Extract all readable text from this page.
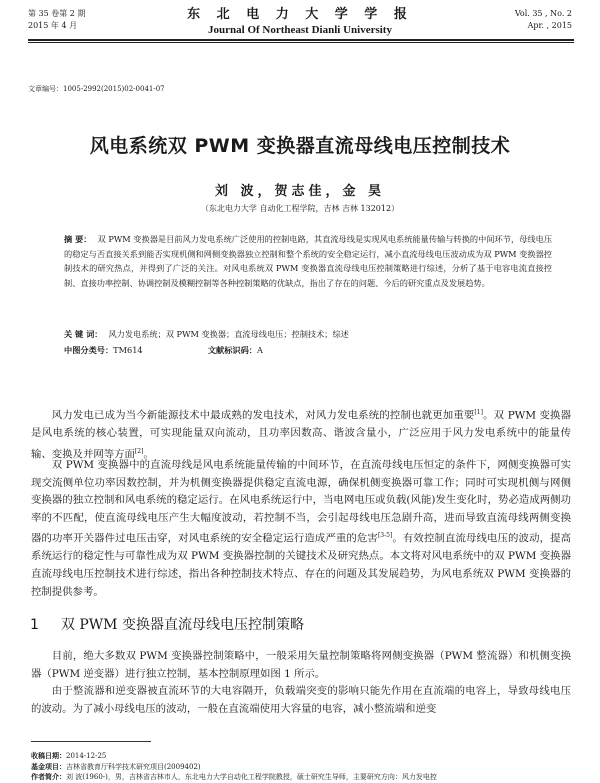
第 35 卷第 2 期
2015 年 4 月
东 北 电 力 大 学 学 报
Journal Of Northeast Dianli University
Vol. 35 , No. 2
Apr. , 2015
文章编号：1005-2992(2015)02-0041-07
风电系统双 PWM 变换器直流母线电压控制技术
刘 波，贺志佳，金 昊
（东北电力大学 自动化工程学院，吉林 吉林 132012）
摘 要： 双 PWM 变换器是目前风力发电系统广泛使用的控制电路，其直流母线是实现风电系统能量传输与转换的中间环节，母线电压的稳定与否直接关系到能否实现机侧和网侧变换器独立控制和整个系统的安全稳定运行，减小直流母线电压波动成为双 PWM 变换器控制技术的研究热点，并得到了广泛的关注。对风电系统双 PWM 变换器直流母线电压控制策略进行综述，分析了基于电容电流直接控制、直接功率控制、协调控制及模糊控制等各种控制策略的优缺点，指出了存在的问题、今后的研究重点及发展趋势。
关 键 词： 风力发电系统；双 PWM 变换器；直流母线电压；控制技术；综述
中图分类号：TM614	文献标识码：A
风力发电已成为当今新能源技术中最成熟的发电技术，对风力发电系统的控制也就更加重要[1]。双 PWM 变换器是风电系统的核心装置，可实现能量双向流动，且功率因数高、谐波含量小，广泛应用于风力发电系统中的能量传输、变换及并网等方面[2]。
双 PWM 变换器中的直流母线是风电系统能量传输的中间环节，在直流母线电压恒定的条件下，网侧变换器可实现交流侧单位功率因数控制，并为机侧变换器提供稳定直流电源，确保机侧变换器可靠工作；同时可实现机侧与网侧变换器的独立控制和风电系统的稳定运行。在风电系统运行中，当电网电压或负载(风能)发生变化时，势必造成两侧功率的不匹配，使直流母线电压产生大幅度波动，若控制不当，会引起母线电压急剧升高，进而导致直流母线两侧变换器的功率开关器件过电压击穿，对风电系统的安全稳定运行造成严重的危害[3-5]。有效控制直流母线电压的波动，提高系统运行的稳定性与可靠性成为双 PWM 变换器控制的关键技术及研究热点。本文将对风电系统中的双 PWM 变换器直流母线电压控制技术进行综述，指出各种控制技术特点、存在的问题及其发展趋势，为风电系统双 PWM 变换器的控制提供参考。
1 双 PWM 变换器直流母线电压控制策略
目前，绝大多数双 PWM 变换器控制策略中，一般采用矢量控制策略将网侧变换器（PWM 整流器）和机侧变换器（PWM 逆变器）进行独立控制，基本控制原理如图 1 所示。
由于整流器和逆变器被直流环节的大电容隔开，负载端突变的影响只能先作用在直流端的电容上，导致母线电压的波动。为了减小母线电压的波动，一般在直流端使用大容量的电容，减小整流端和逆变
收稿日期：2014-12-25
基金项目：吉林省教育厅科学技术研究项目(2009402)
作者简介：刘 波(1960-)，男，吉林省吉林市人，东北电力大学自动化工程学院教授，硕士研究生导师，主要研究方向：风力发电控
